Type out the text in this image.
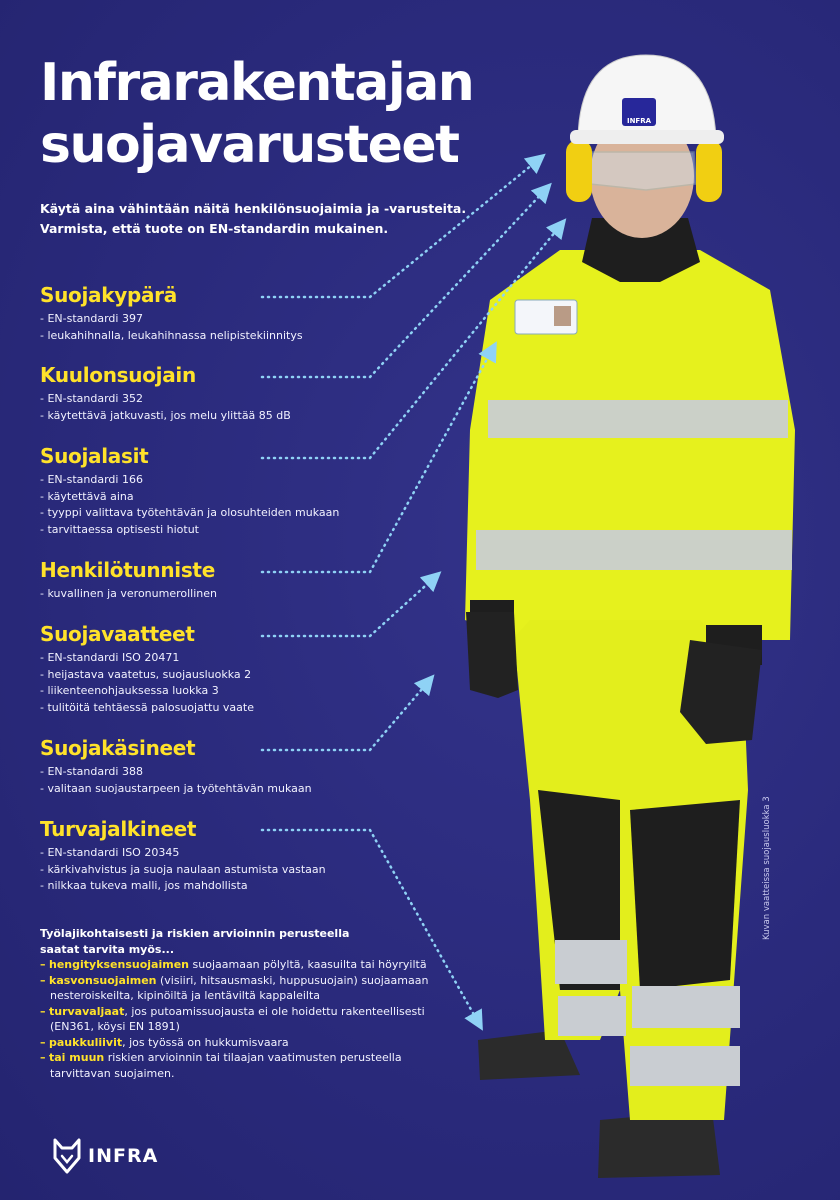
Infrarakentajan
suojavarusteet
Käytä aina vähintään näitä henkilönsuojaimia ja -varusteita.
Varmista, että tuote on EN-standardin mukainen.
Suojakypärä
- EN-standardi 397
- leukahihnalla, leukahihnassa nelipistekiinnitys
Kuulonsuojain
- EN-standardi 352
- käytettävä jatkuvasti, jos melu ylittää 85 dB
Suojalasit
- EN-standardi 166
- käytettävä aina
- tyyppi valittava työtehtävän ja olosuhteiden mukaan
- tarvittaessa optisesti hiotut
Henkilötunniste
- kuvallinen ja veronumerollinen
Suojavaatteet
- EN-standardi ISO 20471
- heijastava vaatetus, suojausluokka 2
- liikenteenohjauksessa luokka 3
- tulitöitä tehtäessä palosuojattu vaate
Suojakäsineet
- EN-standardi 388
- valitaan suojaustarpeen ja työtehtävän mukaan
Turvajalkineet
- EN-standardi ISO 20345
- kärkivahvistus ja suoja naulaan astumista vastaan
- nilkkaa tukeva malli, jos mahdollista
Työlajikohtaisesti ja riskien arvioinnin perusteella
saatat tarvita myös...
– hengityksensuojaimen suojaamaan pölyltä, kaasuilta tai höyryiltä
– kasvonsuojaimen (visiiri, hitsausmaski, huppusuojain) suojaamaan nesteroiskeilta, kipinöiltä ja lentäviltä kappaleilta
– turvavaljaat, jos putoamissuojausta ei ole hoidettu rakenteellisesti (EN361, köysi EN 1891)
– paukkuliivit, jos työssä on hukkumisvaara
– tai muun riskien arvioinnin tai tilaajan vaatimusten perusteella tarvittavan suojaimen.
INFRA
Kuvan vaatteissa suojausluokka 3
INFRA
